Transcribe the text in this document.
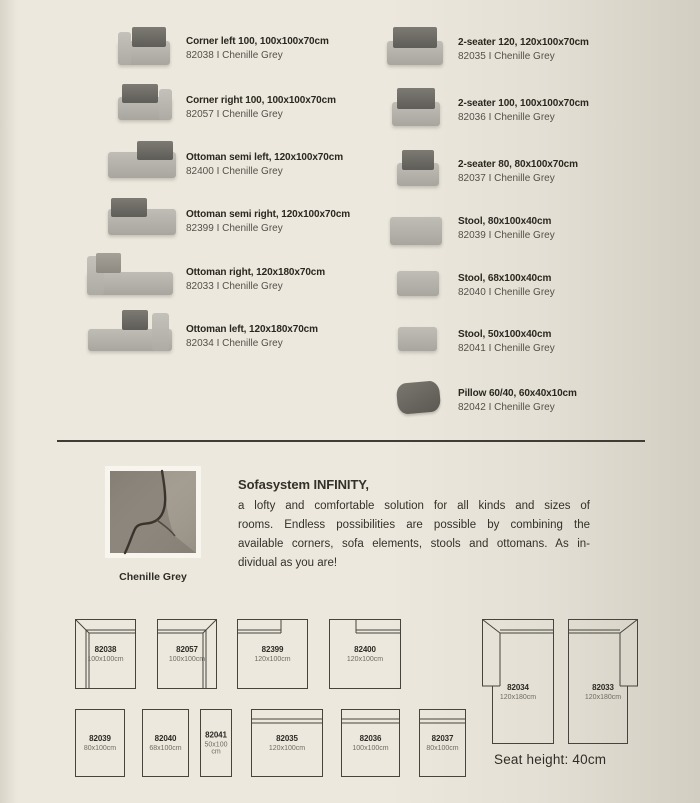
Corner left 100, 100x100x70cm
82038 I Chenille Grey
Corner right 100, 100x100x70cm
82057 I Chenille Grey
Ottoman semi left, 120x100x70cm
82400 I Chenille Grey
Ottoman semi right, 120x100x70cm
82399 I Chenille Grey
Ottoman right, 120x180x70cm
82033 I Chenille Grey
Ottoman left, 120x180x70cm
82034 I Chenille Grey
2-seater 120, 120x100x70cm
82035 I Chenille Grey
2-seater 100, 100x100x70cm
82036 I Chenille Grey
2-seater 80, 80x100x70cm
82037 I Chenille Grey
Stool, 80x100x40cm
82039 I Chenille Grey
Stool, 68x100x40cm
82040 I Chenille Grey
Stool, 50x100x40cm
82041 I Chenille Grey
Pillow 60/40, 60x40x10cm
82042 I Chenille Grey
Chenille Grey
Sofasystem INFINITY,
a lofty and comfortable solution for all kinds and sizes of
rooms. Endless possibilities are possible by combining the
available corners, sofa elements, stools and ottomans. As in-
dividual as you are!
82038
100x100cm
82057
100x100cm
82399
120x100cm
82400
120x100cm
82039
80x100cm
82040
68x100cm
82041
50x100 cm
82035
120x100cm
82036
100x100cm
82037
80x100cm
82034
120x180cm
82033
120x180cm
Seat height: 40cm
